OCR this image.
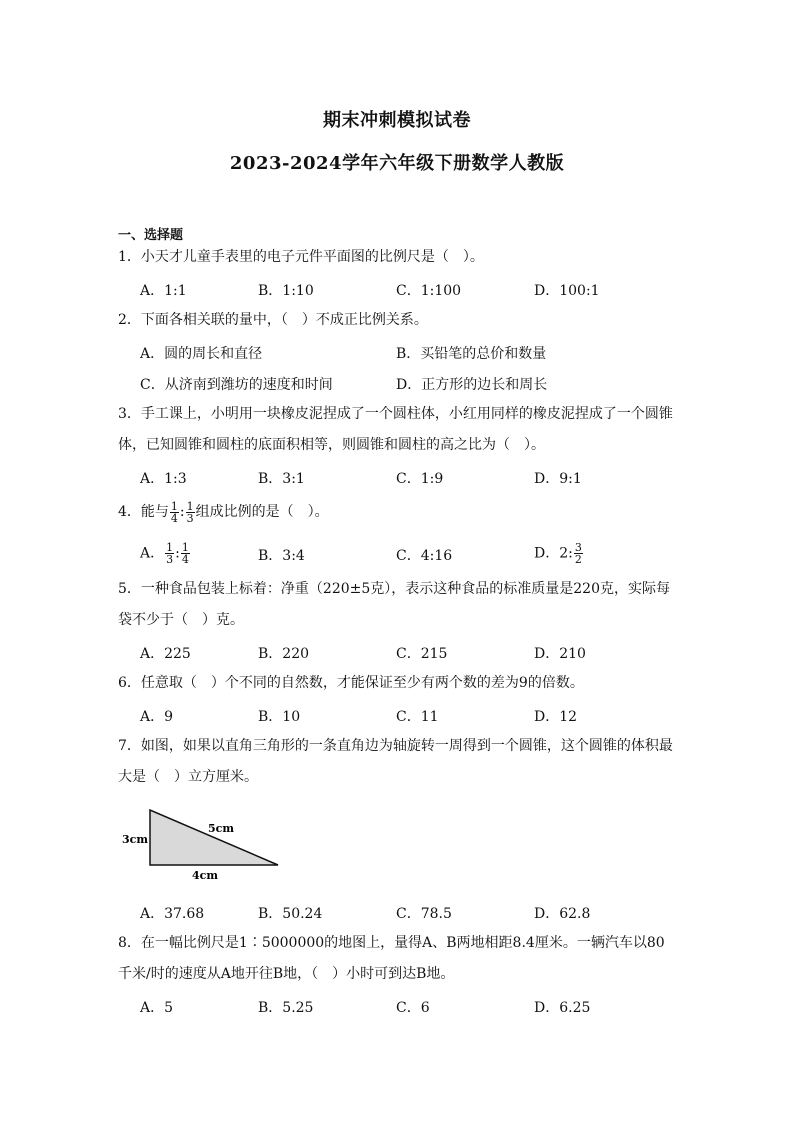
期末冲刺模拟试卷
2023-2024学年六年级下册数学人教版
一、选择题
1．小天才儿童手表里的电子元件平面图的比例尺是（　）。
A．1:1	B．1:10	C．1:100	D．100:1
2．下面各相关联的量中，（　）不成正比例关系。
A．圆的周长和直径	B．买铅笔的总价和数量
C．从济南到潍坊的速度和时间	D．正方形的边长和周长
3．手工课上，小明用一块橡皮泥捏成了一个圆柱体，小红用同样的橡皮泥捏成了一个圆锥体，已知圆锥和圆柱的底面积相等，则圆锥和圆柱的高之比为（　）。
A．1:3	B．3:1	C．1:9	D．9:1
4．能与 $\frac{1}{4}$ : $\frac{1}{3}$ 组成比例的是（　）。
A． $\frac{1}{3}$ : $\frac{1}{4}$	B．3:4	C．4:16	D．2: $\frac{3}{2}$
5．一种食品包装上标着：净重（220±5克），表示这种食品的标准质量是220克，实际每袋不少于（　）克。
A．225	B．220	C．215	D．210
6．任意取（　）个不同的自然数，才能保证至少有两个数的差为9的倍数。
A．9	B．10	C．11	D．12
7．如图，如果以直角三角形的一条直角边为轴旋转一周得到一个圆锥，这个圆锥的体积最大是（　）立方厘米。
3cm
5cm
4cm
A．37.68	B．50.24	C．78.5	D．62.8
8．在一幅比例尺是1∶5000000的地图上，量得A、B两地相距8.4厘米。一辆汽车以80千米/时的速度从A地开往B地，（　）小时可到达B地。
A．5	B．5.25	C．6	D．6.25
